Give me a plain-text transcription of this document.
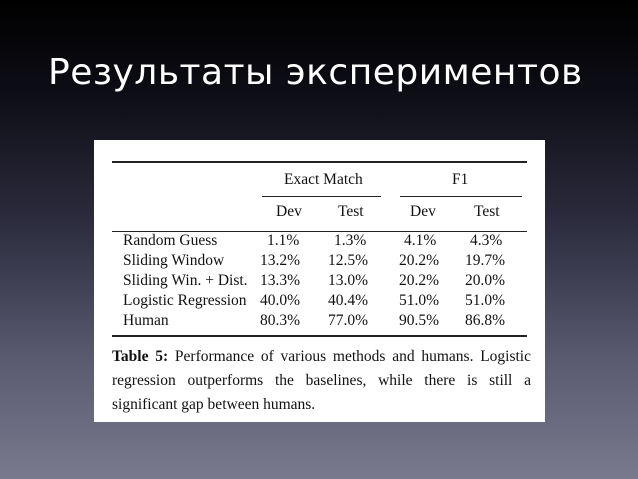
Результаты экспериментов
Exact Match	F1
Dev Test	Dev Test
Random Guess	1.1% 1.3% 4.1% 4.3%
Sliding Window 13.2% 12.5% 20.2% 19.7%
Sliding Win. + Dist. 13.3% 13.0% 20.2% 20.0%
Logistic Regression 40.0% 40.4% 51.0% 51.0%
Human	80.3% 77.0% 90.5% 86.8%
Table 5: Performance of various methods and humans. Logistic regression outperforms the baselines, while there is still a significant gap between humans.
